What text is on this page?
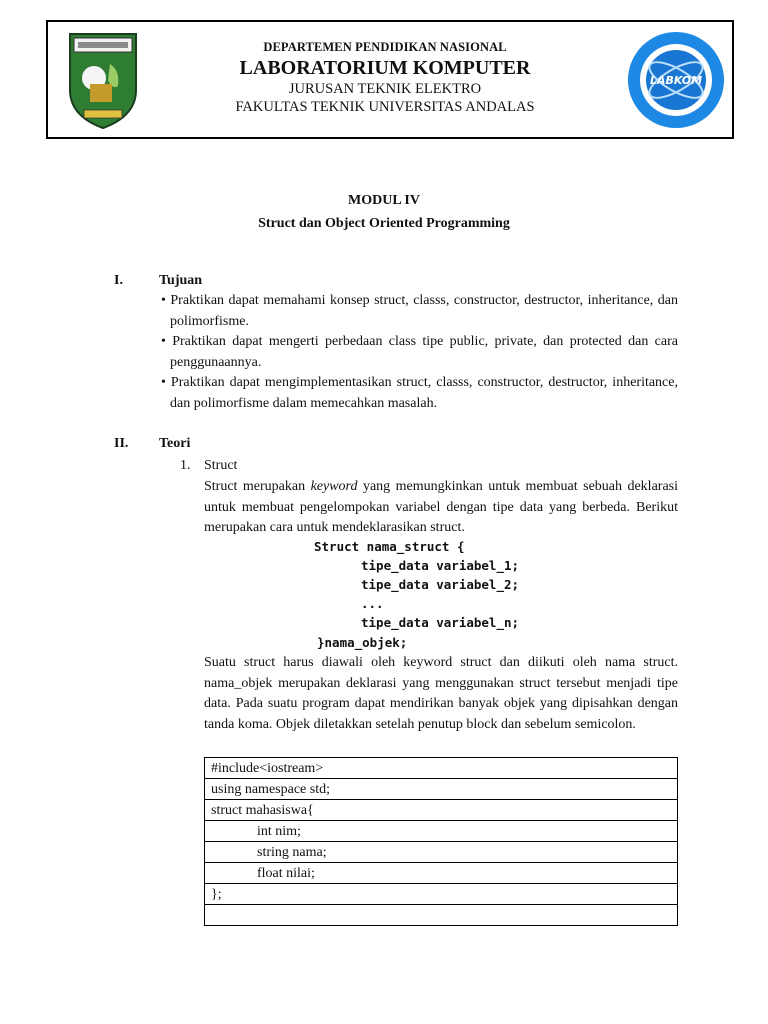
DEPARTEMEN PENDIDIKAN NASIONAL
LABORATORIUM KOMPUTER
JURUSAN TEKNIK ELEKTRO
FAKULTAS TEKNIK UNIVERSITAS ANDALAS
LABKOM
MODUL IV
Struct dan Object Oriented Programming
I.	Tujuan
• Praktikan dapat memahami konsep struct, classs, constructor, destructor, inheritance, dan polimorfisme.
• Praktikan dapat mengerti perbedaan class tipe public, private, dan protected dan cara penggunaannya.
• Praktikan dapat mengimplementasikan struct, classs, constructor, destructor, inheritance, dan polimorfisme dalam memecahkan masalah.
II. Teori
1. Struct
Struct merupakan keyword yang memungkinkan untuk membuat sebuah deklarasi untuk membuat pengelompokan variabel dengan tipe data yang berbeda. Berikut merupakan cara untuk mendeklarasikan struct.
Struct nama_struct {
tipe_data variabel_1;
tipe_data variabel_2;
...
tipe_data variabel_n;
}nama_objek;
Suatu struct harus diawali oleh keyword struct dan diikuti oleh nama struct. nama_objek merupakan deklarasi yang menggunakan struct tersebut menjadi tipe data. Pada suatu program dapat mendirikan banyak objek yang dipisahkan dengan tanda koma. Objek diletakkan setelah penutup block dan sebelum semicolon.
#include<iostream>
using namespace std;
struct mahasiswa{
int nim;
string nama;
float nilai;
};
